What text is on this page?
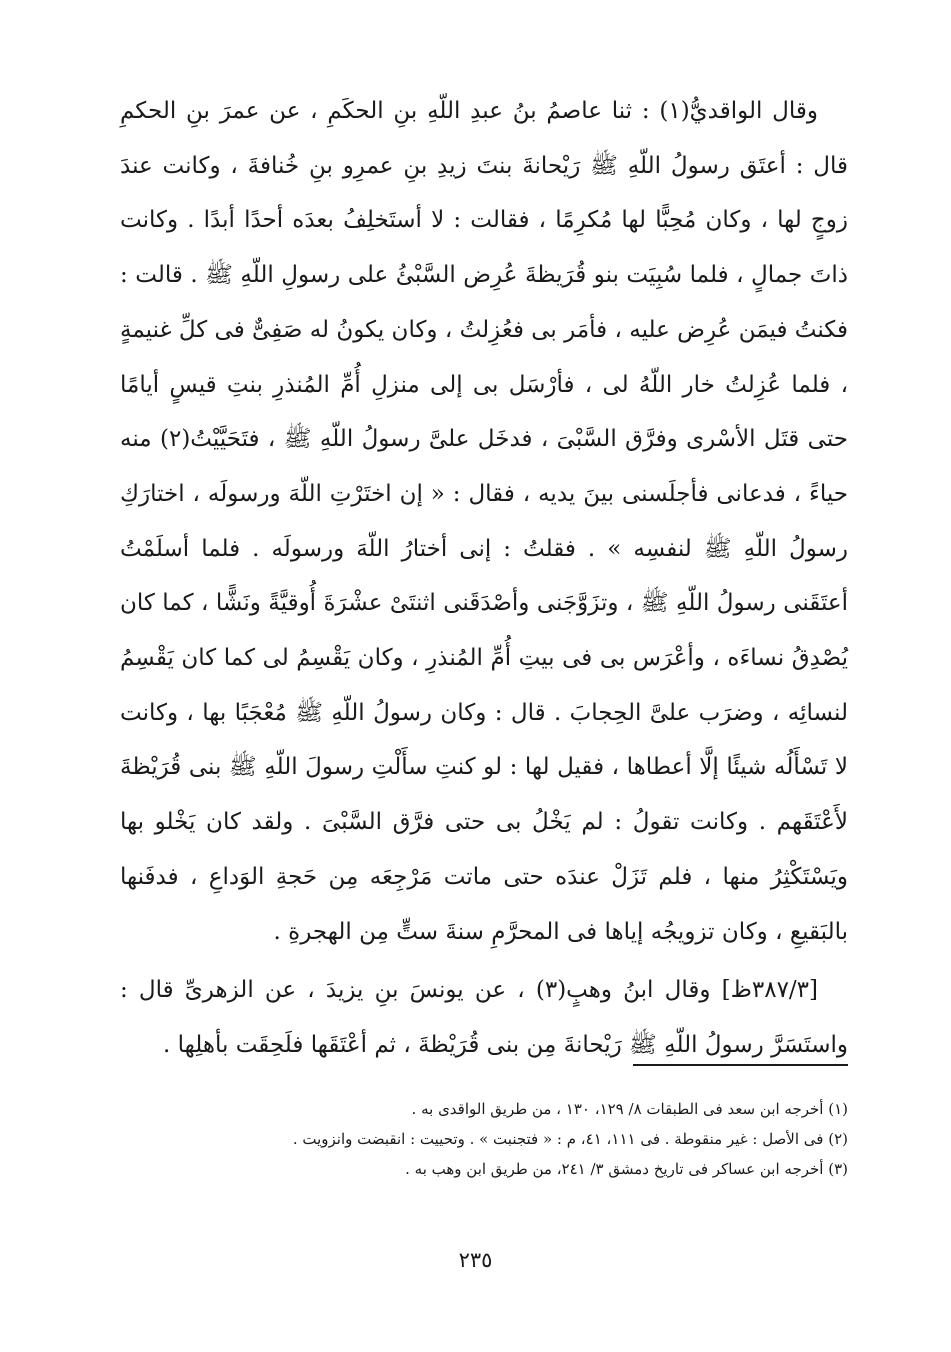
وقال الواقديُّ(١) : ثنا عاصمُ بنُ عبدِ اللّهِ بنِ الحكَمِ ، عن عمرَ بنِ الحكمِ قال : أعتَق رسولُ اللّهِ ﷺ رَيْحانةَ بنتَ زيدِ بنِ عمرِو بنِ خُنافةَ ، وكانت عندَ زوجٍ لها ، وكان مُحِبًّا لها مُكرِمًا ، فقالت : لا أستَخلِفُ بعدَه أحدًا أبدًا . وكانت ذاتَ جمالٍ ، فلما سُبِيَت بنو قُرَيظةَ عُرِض السَّبْئُ على رسولِ اللّهِ ﷺ . قالت : فكنتُ فيمَن عُرِض عليه ، فأمَر بى فعُزِلتُ ، وكان يكونُ له صَفِىٌّ فى كلِّ غنيمةٍ ، فلما عُزِلتُ خار اللّهُ لى ، فأرْسَل بى إلى منزلِ أُمِّ المُنذرِ بنتِ قيسٍ أيامًا حتى قتَل الأسْرى وفرَّق السَّبْىَ ، فدخَل علىَّ رسولُ اللّهِ ﷺ ، فتَحَيَّيْتُ(٢) منه حياءً ، فدعانى فأجلَسنى بينَ يديه ، فقال : « إن اختَرْتِ اللّهَ ورسولَه ، اختارَكِ رسولُ اللّهِ ﷺ لنفسِه » . فقلتُ : إنى أختارُ اللّهَ ورسولَه . فلما أسلَمْتُ أعتَقَنى رسولُ اللّهِ ﷺ ، وتزَوَّجَنى وأصْدَقَنى اثنتَىْ عشْرَةَ أُوقيَّةً ونَشًّا ، كما كان يُصْدِقُ نساءَه ، وأعْرَس بى فى بيتِ أُمِّ المُنذرِ ، وكان يَقْسِمُ لى كما كان يَقْسِمُ لنسائِه ، وضرَب علىَّ الحِجابَ . قال : وكان رسولُ اللّهِ ﷺ مُعْجَبًا بها ، وكانت لا تَسْأَلُه شيئًا إلَّا أعطاها ، فقيل لها : لو كنتِ سأَلْتِ رسولَ اللّهِ ﷺ بنى قُرَيْظةَ لأَعْتَقَهم . وكانت تقولُ : لم يَخْلُ بى حتى فرَّق السَّبْىَ . ولقد كان يَخْلو بها ويَسْتَكْثِرُ منها ، فلم تَزَلْ عندَه حتى ماتت مَرْجِعَه مِن حَجةِ الوَداعِ ، فدفَنها بالبَقيعِ ، وكان تزويجُه إياها فى المحرَّمِ سنةَ ستٍّ مِن الهجرةِ .

[٣٨٧/٣ظ] وقال ابنُ وهبٍ(٣) ، عن يونسَ بنِ يزيدَ ، عن الزهرىِّ قال : واستَسَرَّ رسولُ اللّهِ ﷺ رَيْحانةَ مِن بنى قُرَيْظةَ ، ثم أعْتَقَها فلَحِقَت بأهلِها .

(١) أخرجه ابن سعد فى الطبقات ٨/ ١٢٩، ١٣٠ ، من طريق الواقدى به .

(٢) فى الأصل : غير منقوطة . فى ١١١، ٤١، م : « فتجنبت » . وتحييت : انقبضت وانزويت .

(٣) أخرجه ابن عساكر فى تاريخ دمشق ٣/ ٢٤١، من طريق ابن وهب به .

٢٣٥
